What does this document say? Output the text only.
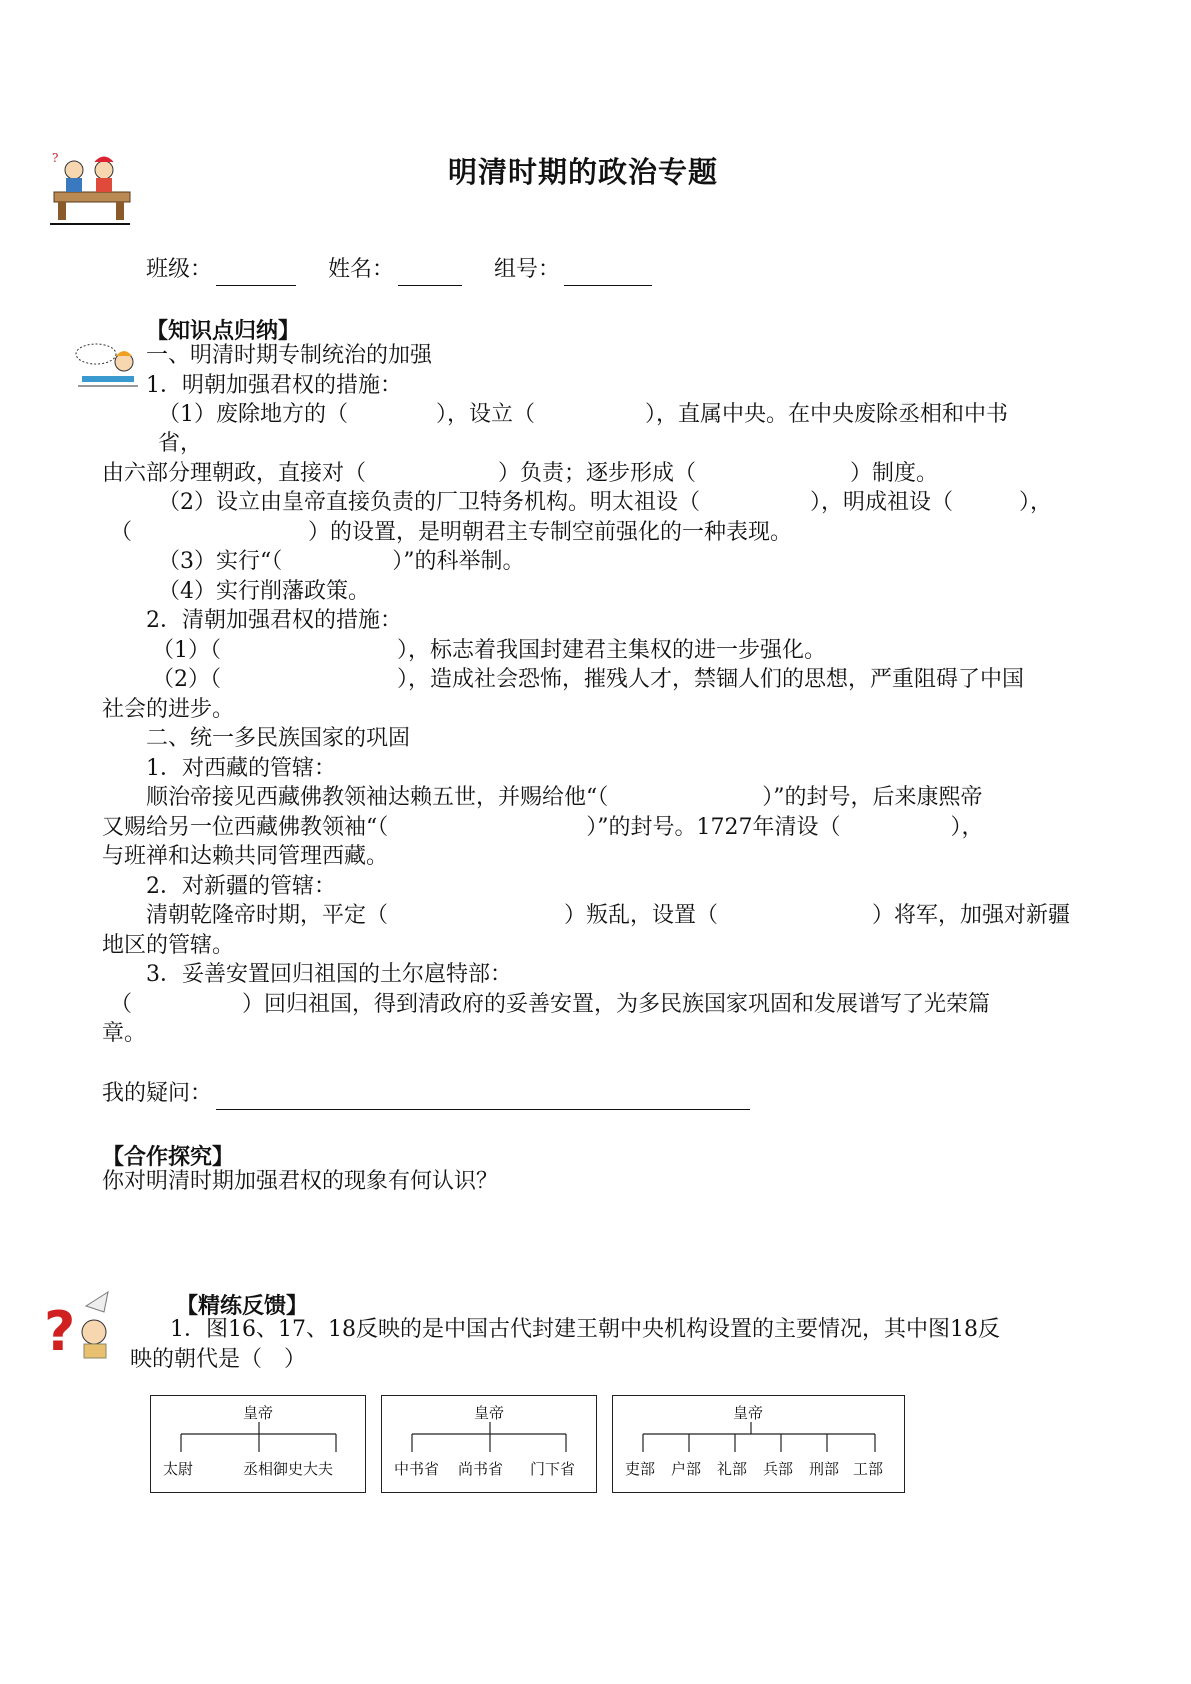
?	明清时期的政治专题
班级：	姓名：	组号：
【知识点归纳】
一、明清时期专制统治的加强
1．明朝加强君权的措施：
（1）废除地方的（　　　　），设立（　　　　　），直属中央。在中央废除丞相和中书
省，
由六部分理朝政，直接对（　　　　　　）负责；逐步形成（　　　　　　　）制度。
（2）设立由皇帝直接负责的厂卫特务机构。明太祖设（　　　　　），明成祖设（　　　），
（　　　　　　　　）的设置，是明朝君主专制空前强化的一种表现。
（3）实行“（　　　　　）”的科举制。
（4）实行削藩政策。
2．清朝加强君权的措施：
（1）（　　　　　　　　），标志着我国封建君主集权的进一步强化。
（2）（　　　　　　　　），造成社会恐怖，摧残人才，禁锢人们的思想，严重阻碍了中国
社会的进步。
二、统一多民族国家的巩固
1．对西藏的管辖：
顺治帝接见西藏佛教领袖达赖五世，并赐给他“（　　　　　　　）”的封号，后来康熙帝
又赐给另一位西藏佛教领袖“（　　　　　　　　　）”的封号。1727年清设（　　　　　），
与班禅和达赖共同管理西藏。
2．对新疆的管辖：
清朝乾隆帝时期，平定（　　　　　　　　）叛乱，设置（　　　　　　　）将军，加强对新疆
地区的管辖。
3．妥善安置回归祖国的土尔扈特部：
（　　　　　）回归祖国，得到清政府的妥善安置，为多民族国家巩固和发展谱写了光荣篇
章。
我的疑问：
【合作探究】
你对明清时期加强君权的现象有何认识？
?	【精练反馈】
1．图16、17、18反映的是中国古代封建王朝中央机构设置的主要情况，其中图18反
映的朝代是（　）
皇帝
太尉	丞相御史大夫
皇帝
中书省 尚书省 门下省
皇帝
吏部 户部 礼部 兵部 刑部 工部
